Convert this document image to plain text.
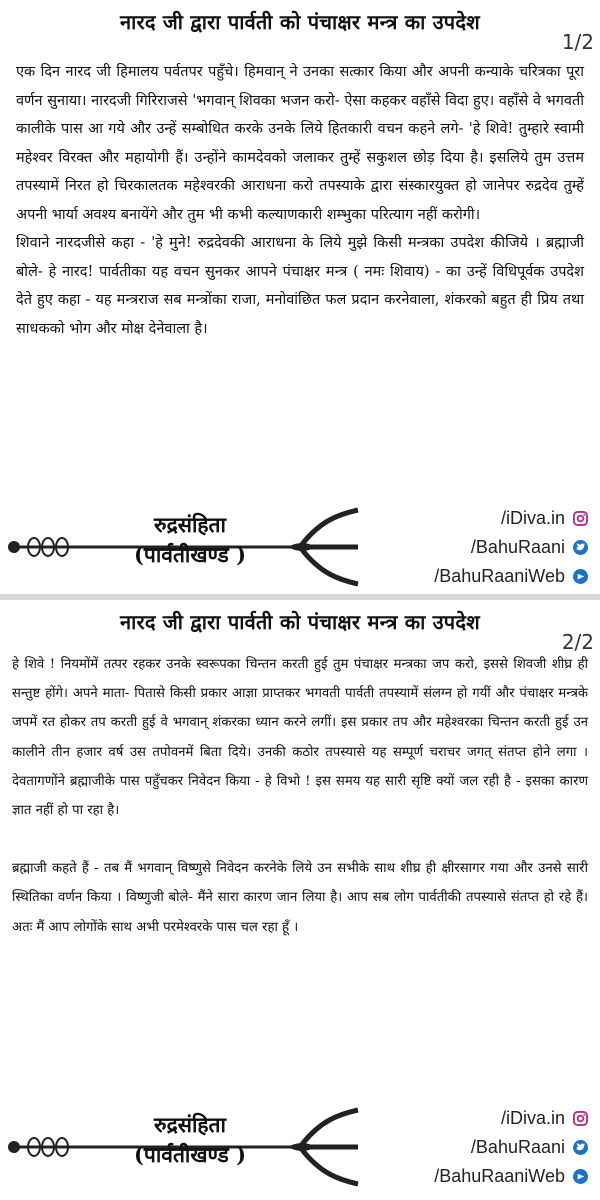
नारद जी द्वारा पार्वती को पंचाक्षर मन्त्र का उपदेश
1/2

एक दिन नारद जी हिमालय पर्वतपर पहुँचे। हिमवान् ने उनका सत्कार किया और अपनी कन्याके चरित्रका पूरा वर्णन सुनाया। नारदजी गिरिराजसे 'भगवान् शिवका भजन करो- ऐसा कहकर वहाँसे विदा हुए। वहाँसे वे भगवती कालीके पास आ गये और उन्हें सम्बोधित करके उनके लिये हितकारी वचन कहने लगे- 'हे शिवे! तुम्हारे स्वामी महेश्वर विरक्त और महायोगी हैं। उन्होंने कामदेवको जलाकर तुम्हें सकुशल छोड़ दिया है। इसलिये तुम उत्तम तपस्यामें निरत हो चिरकालतक महेश्वरकी आराधना करो तपस्याके द्वारा संस्कारयुक्त हो जानेपर रुद्रदेव तुम्हें अपनी भार्या अवश्य बनायेंगे और तुम भी कभी कल्याणकारी शम्भुका परित्याग नहीं करोगी।

शिवाने नारदजीसे कहा - 'हे मुने! रुद्रदेवकी आराधना के लिये मुझे किसी मन्त्रका उपदेश कीजिये । ब्रह्माजी बोले- हे नारद! पार्वतीका यह वचन सुनकर आपने पंचाक्षर मन्त्र ( नमः शिवाय) - का उन्हें विधिपूर्वक उपदेश देते हुए कहा - यह मन्त्रराज सब मन्त्रोंका राजा, मनोवांछित फल प्रदान करनेवाला, शंकरको बहुत ही प्रिय तथा साधकको भोग और मोक्ष देनेवाला है।

रुद्रसंहिता
(पार्वतीखण्ड )
/iDiva.in
/BahuRaani
/BahuRaaniWeb
नारद जी द्वारा पार्वती को पंचाक्षर मन्त्र का उपदेश
2/2

हे शिवे ! नियमोंमें तत्पर रहकर उनके स्वरूपका चिन्तन करती हुई तुम पंचाक्षर मन्त्रका जप करो, इससे शिवजी शीघ्र ही सन्तुष्ट होंगे। अपने माता- पितासे किसी प्रकार आज्ञा प्राप्तकर भगवती पार्वती तपस्यामें संलग्न हो गयीं और पंचाक्षर मन्त्रके जपमें रत होकर तप करती हुई वे भगवान् शंकरका ध्यान करने लगीं। इस प्रकार तप और महेश्वरका चिन्तन करती हुई उन कालीने तीन हजार वर्ष उस तपोवनमें बिता दिये। उनकी कठोर तपस्यासे यह सम्पूर्ण चराचर जगत् संतप्त होने लगा । देवतागणोंने ब्रह्माजीके पास पहुँचकर निवेदन किया - हे विभो ! इस समय यह सारी सृष्टि क्यों जल रही है - इसका कारण ज्ञात नहीं हो पा रहा है।

ब्रह्माजी कहते हैं - तब मैं भगवान् विष्णुसे निवेदन करनेके लिये उन सभीके साथ शीघ्र ही क्षीरसागर गया और उनसे सारी स्थितिका वर्णन किया । विष्णुजी बोले- मैंने सारा कारण जान लिया है। आप सब लोग पार्वतीकी तपस्यासे संतप्त हो रहे हैं। अतः मैं आप लोगोंके साथ अभी परमेश्वरके पास चल रहा हूँ ।

रुद्रसंहिता
(पार्वतीखण्ड )
/iDiva.in
/BahuRaani
/BahuRaaniWeb
